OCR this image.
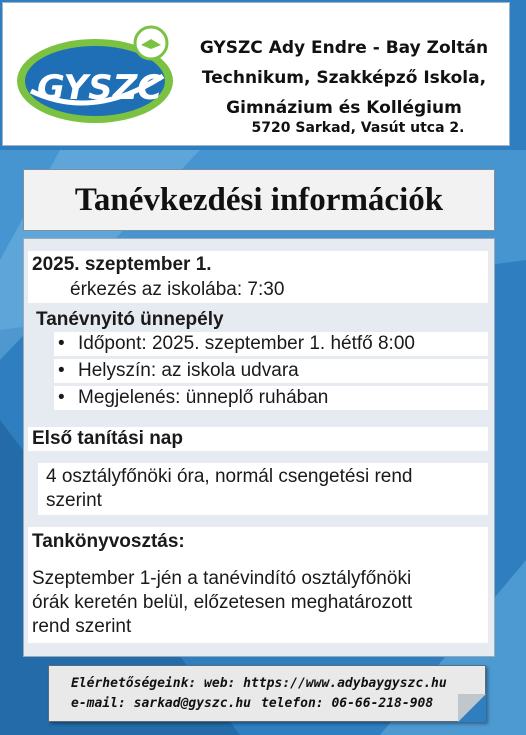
GYSZC
GYSZC Ady Endre - Bay Zoltán
Technikum, Szakképző Iskola,
Gimnázium és Kollégium
5720 Sarkad, Vasút utca 2.
Tanévkezdési információk
2025. szeptember 1.
érkezés az iskolába: 7:30
Tanévnyitó ünnepély
• Időpont: 2025. szeptember 1. hétfő 8:00
• Helyszín: az iskola udvara
• Megjelenés: ünneplő ruhában
Első tanítási nap
4 osztályfőnöki óra, normál csengetési rend
szerint
Tankönyvosztás:
Szeptember 1-jén a tanévindító osztályfőnöki
órák keretén belül, előzetesen meghatározott
rend szerint
Elérhetőségeink: web: https://www.adybaygyszc.hu
e-mail: sarkad@gyszc.hu telefon: 06-66-218-908
